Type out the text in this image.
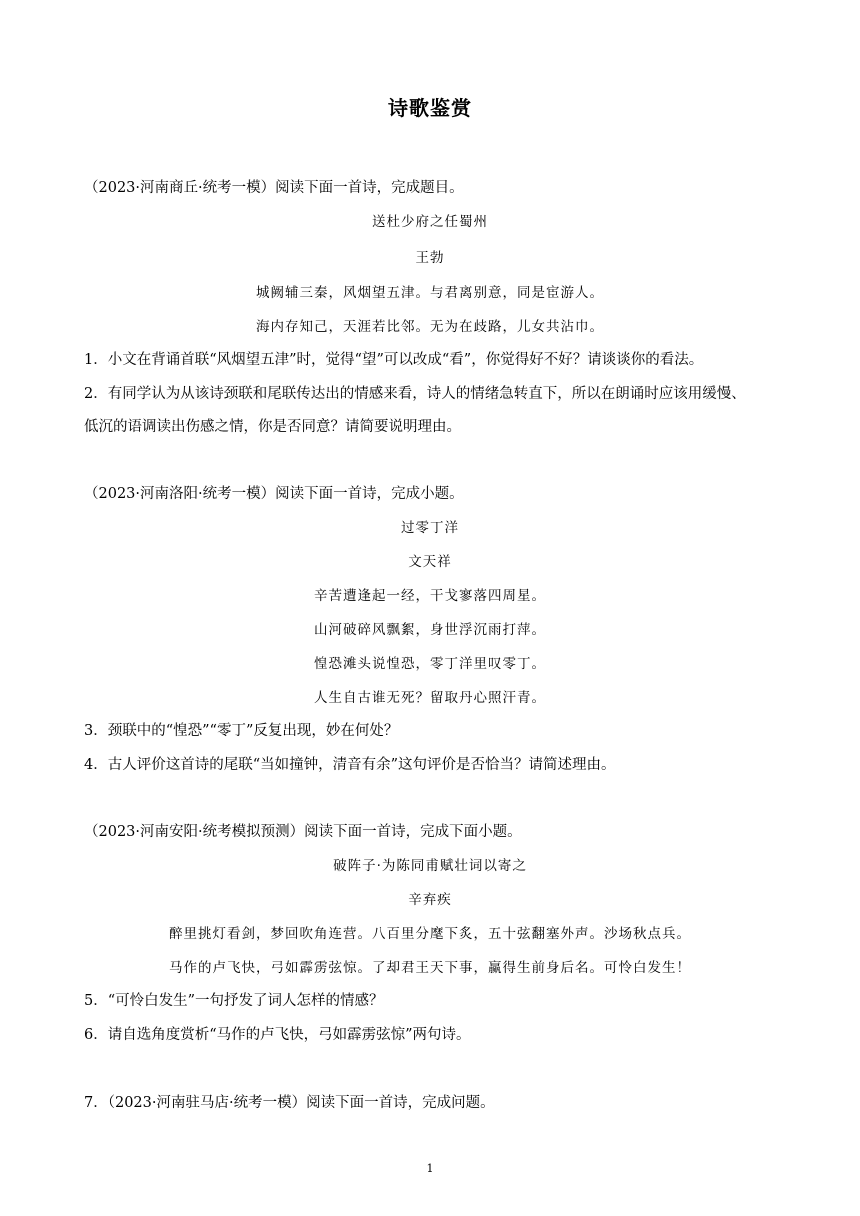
诗歌鉴赏
（2023·河南商丘·统考一模）阅读下面一首诗，完成题目。
送杜少府之任蜀州
王勃
城阙辅三秦，风烟望五津。与君离别意，同是宦游人。
海内存知己，天涯若比邻。无为在歧路，儿女共沾巾。
1．小文在背诵首联“风烟望五津”时，觉得“望”可以改成“看”，你觉得好不好？请谈谈你的看法。
2．有同学认为从该诗颈联和尾联传达出的情感来看，诗人的情绪急转直下，所以在朗诵时应该用缓慢、
低沉的语调读出伤感之情，你是否同意？请简要说明理由。
（2023·河南洛阳·统考一模）阅读下面一首诗，完成小题。
过零丁洋
文天祥
辛苦遭逢起一经，干戈寥落四周星。
山河破碎风飘絮，身世浮沉雨打萍。
惶恐滩头说惶恐，零丁洋里叹零丁。
人生自古谁无死？留取丹心照汗青。
3．颈联中的“惶恐”“零丁”反复出现，妙在何处？
4．古人评价这首诗的尾联“当如撞钟，清音有余”这句评价是否恰当？请简述理由。
（2023·河南安阳·统考模拟预测）阅读下面一首诗，完成下面小题。
破阵子·为陈同甫赋壮词以寄之
辛弃疾
醉里挑灯看剑，梦回吹角连营。八百里分麾下炙，五十弦翻塞外声。沙场秋点兵。
马作的卢飞快，弓如霹雳弦惊。了却君王天下事，赢得生前身后名。可怜白发生！
5．“可怜白发生”一句抒发了词人怎样的情感？
6．请自选角度赏析“马作的卢飞快，弓如霹雳弦惊”两句诗。
7．（2023·河南驻马店·统考一模）阅读下面一首诗，完成问题。
1
